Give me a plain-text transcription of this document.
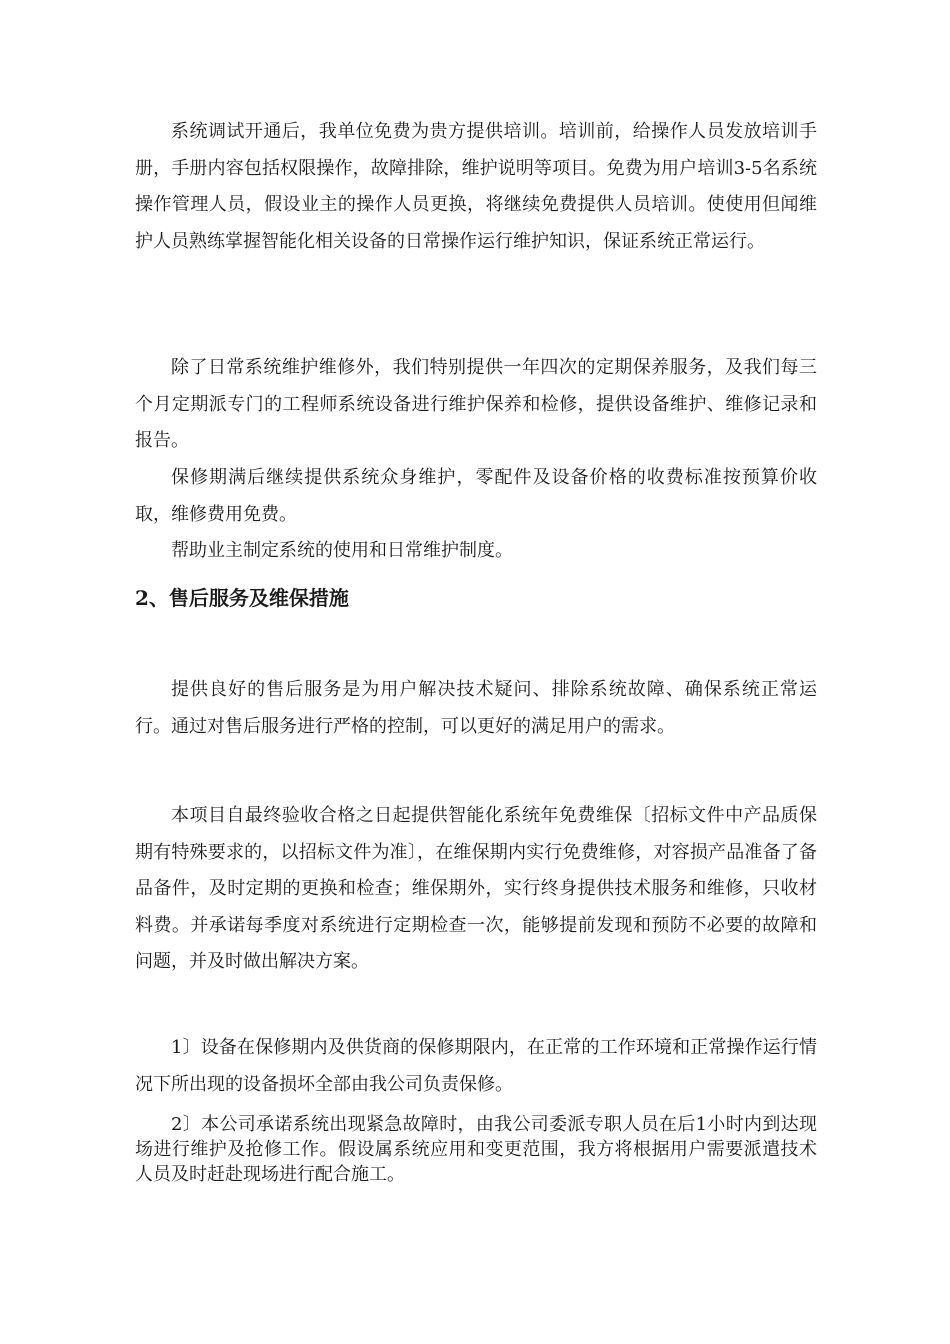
系统调试开通后，我单位免费为贵方提供培训。培训前，给操作人员发放培训手册，手册内容包括权限操作，故障排除，维护说明等项目。免费为用户培训3-5名系统操作管理人员，假设业主的操作人员更换，将继续免费提供人员培训。使使用但闻维护人员熟练掌握智能化相关设备的日常操作运行维护知识，保证系统正常运行。

除了日常系统维护维修外，我们特别提供一年四次的定期保养服务，及我们每三个月定期派专门的工程师系统设备进行维护保养和检修，提供设备维护、维修记录和报告。

保修期满后继续提供系统众身维护，零配件及设备价格的收费标准按预算价收取，维修费用免费。

帮助业主制定系统的使用和日常维护制度。

2、售后服务及维保措施

提供良好的售后服务是为用户解决技术疑问、排除系统故障、确保系统正常运行。通过对售后服务进行严格的控制，可以更好的满足用户的需求。

本项目自最终验收合格之日起提供智能化系统年免费维保〔招标文件中产品质保期有特殊要求的，以招标文件为准〕，在维保期内实行免费维修，对容损产品准备了备品备件，及时定期的更换和检查；维保期外，实行终身提供技术服务和维修，只收材料费。并承诺每季度对系统进行定期检查一次，能够提前发现和预防不必要的故障和问题，并及时做出解决方案。

1〕设备在保修期内及供货商的保修期限内，在正常的工作环境和正常操作运行情况下所出现的设备损坏全部由我公司负责保修。

2〕本公司承诺系统出现紧急故障时，由我公司委派专职人员在后1小时内到达现场进行维护及抢修工作。假设属系统应用和变更范围，我方将根据用户需要派遣技术人员及时赶赴现场进行配合施工。
